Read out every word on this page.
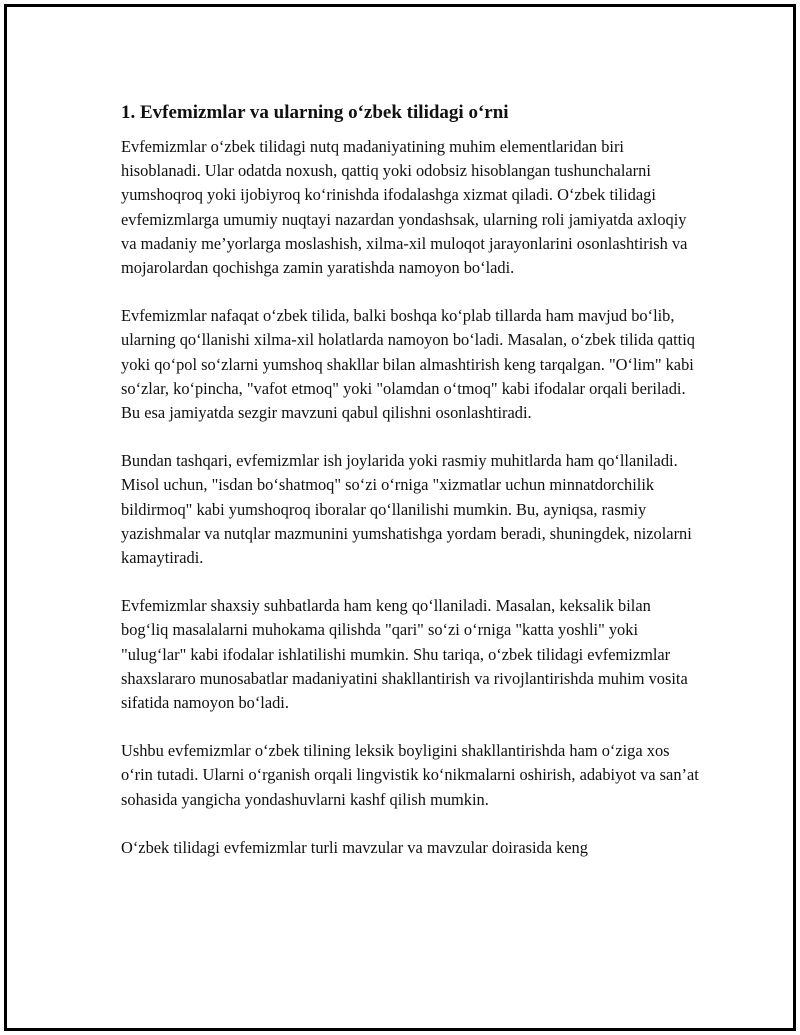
1. Evfemizmlar va ularning o‘zbek tilidagi o‘rni

Evfemizmlar o‘zbek tilidagi nutq madaniyatining muhim elementlaridan biri hisoblanadi. Ular odatda noxush, qattiq yoki odobsiz hisoblangan tushunchalarni yumshoqroq yoki ijobiyroq ko‘rinishda ifodalashga xizmat qiladi. O‘zbek tilidagi evfemizmlarga umumiy nuqtayi nazardan yondashsak, ularning roli jamiyatda axloqiy va madaniy me’yorlarga moslashish, xilma-xil muloqot jarayonlarini osonlashtirish va mojarolardan qochishga zamin yaratishda namoyon bo‘ladi.

Evfemizmlar nafaqat o‘zbek tilida, balki boshqa ko‘plab tillarda ham mavjud bo‘lib, ularning qo‘llanishi xilma-xil holatlarda namoyon bo‘ladi. Masalan, o‘zbek tilida qattiq yoki qo‘pol so‘zlarni yumshoq shakllar bilan almashtirish keng tarqalgan. "O‘lim" kabi so‘zlar, ko‘pincha, "vafot etmoq" yoki "olamdan o‘tmoq" kabi ifodalar orqali beriladi. Bu esa jamiyatda sezgir mavzuni qabul qilishni osonlashtiradi.

Bundan tashqari, evfemizmlar ish joylarida yoki rasmiy muhitlarda ham qo‘llaniladi. Misol uchun, "isdan bo‘shatmoq" so‘zi o‘rniga "xizmatlar uchun minnatdorchilik bildirmoq" kabi yumshoqroq iboralar qo‘llanilishi mumkin. Bu, ayniqsa, rasmiy yazishmalar va nutqlar mazmunini yumshatishga yordam beradi, shuningdek, nizolarni kamaytiradi.

Evfemizmlar shaxsiy suhbatlarda ham keng qo‘llaniladi. Masalan, keksalik bilan bog‘liq masalalarni muhokama qilishda "qari" so‘zi o‘rniga "katta yoshli" yoki "ulug‘lar" kabi ifodalar ishlatilishi mumkin. Shu tariqa, o‘zbek tilidagi evfemizmlar shaxslararo munosabatlar madaniyatini shakllantirish va rivojlantirishda muhim vosita sifatida namoyon bo‘ladi.

Ushbu evfemizmlar o‘zbek tilining leksik boyligini shakllantirishda ham o‘ziga xos o‘rin tutadi. Ularni o‘rganish orqali lingvistik ko‘nikmalarni oshirish, adabiyot va san’at sohasida yangicha yondashuvlarni kashf qilish mumkin.

O‘zbek tilidagi evfemizmlar turli mavzular va mavzular doirasida keng
